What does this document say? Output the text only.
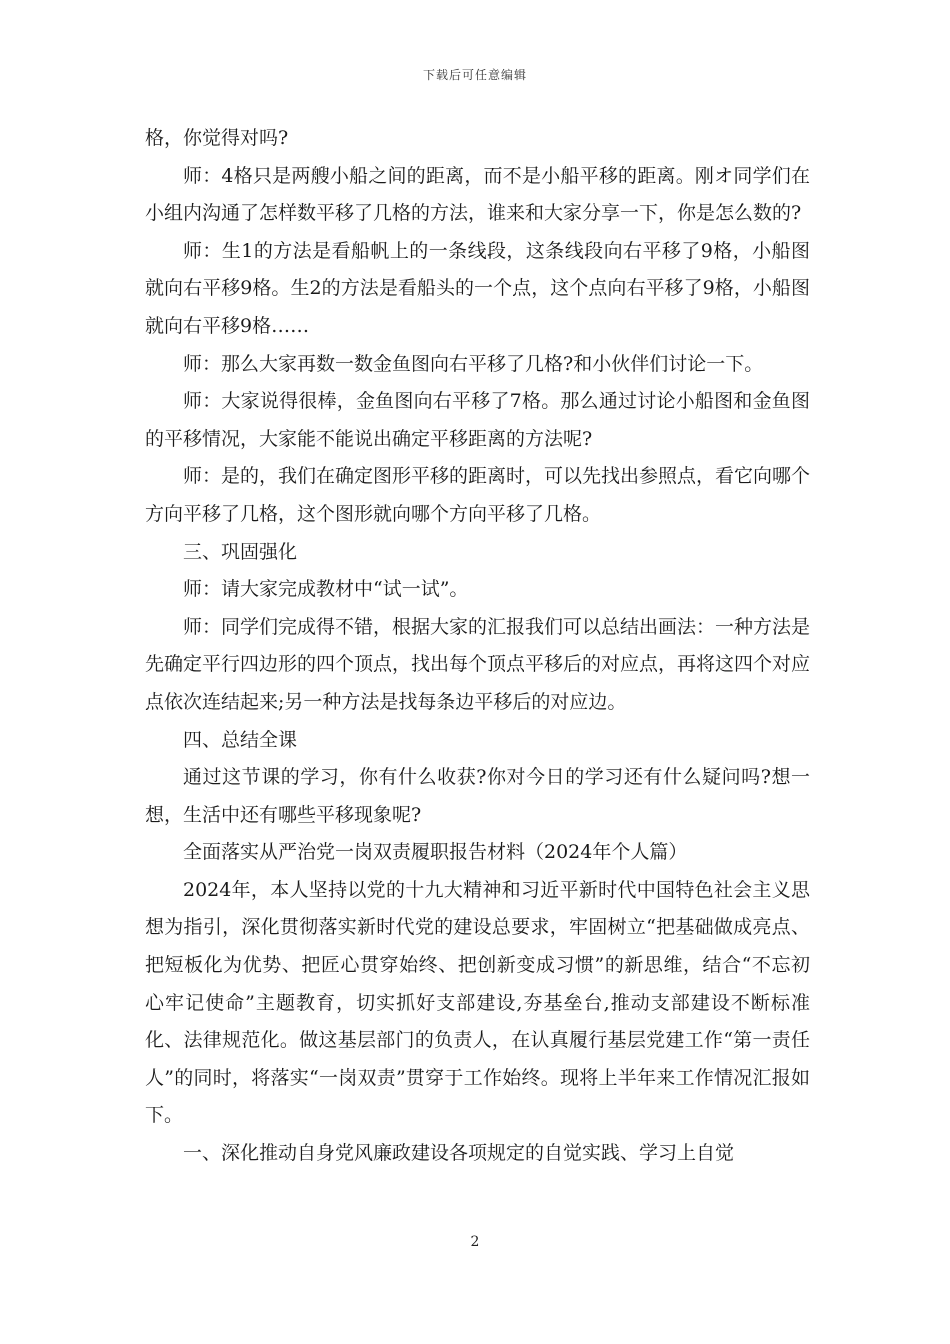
下载后可任意编辑

格，你觉得对吗?

师：4格只是两艘小船之间的距离，而不是小船平移的距离。刚オ同学们在小组内沟通了怎样数平移了几格的方法，谁来和大家分享一下，你是怎么数的?

师：生1的方法是看船帆上的一条线段，这条线段向右平移了9格，小船图就向右平移9格。生2的方法是看船头的一个点，这个点向右平移了9格，小船图就向右平移9格……

师：那么大家再数一数金鱼图向右平移了几格?和小伙伴们讨论一下。

师：大家说得很棒，金鱼图向右平移了7格。那么通过讨论小船图和金鱼图的平移情况，大家能不能说出确定平移距离的方法呢?

师：是的，我们在确定图形平移的距离时，可以先找出参照点，看它向哪个方向平移了几格，这个图形就向哪个方向平移了几格。

三、巩固强化

师：请大家完成教材中“试一试”。

师：同学们完成得不错，根据大家的汇报我们可以总结出画法：一种方法是先确定平行四边形的四个顶点，找出每个顶点平移后的对应点，再将这四个对应点依次连结起来;另一种方法是找每条边平移后的对应边。

四、总结全课

通过这节课的学习，你有什么收获?你对今日的学习还有什么疑问吗?想一想，生活中还有哪些平移现象呢?

全面落实从严治党一岗双责履职报告材料（2024年个人篇）

2024年，本人坚持以党的十九大精神和习近平新时代中国特色社会主义思想为指引，深化贯彻落实新时代党的建设总要求，牢固树立“把基础做成亮点、把短板化为优势、把匠心贯穿始终、把创新变成习惯”的新思维，结合“不忘初心牢记使命”主题教育，切实抓好支部建设,夯基垒台,推动支部建设不断标准化、法律规范化。做这基层部门的负责人，在认真履行基层党建工作“第一责任人”的同时，将落实“一岗双责”贯穿于工作始终。现将上半年来工作情况汇报如下。

一、深化推动自身党风廉政建设各项规定的自觉实践、学习上自觉

2
